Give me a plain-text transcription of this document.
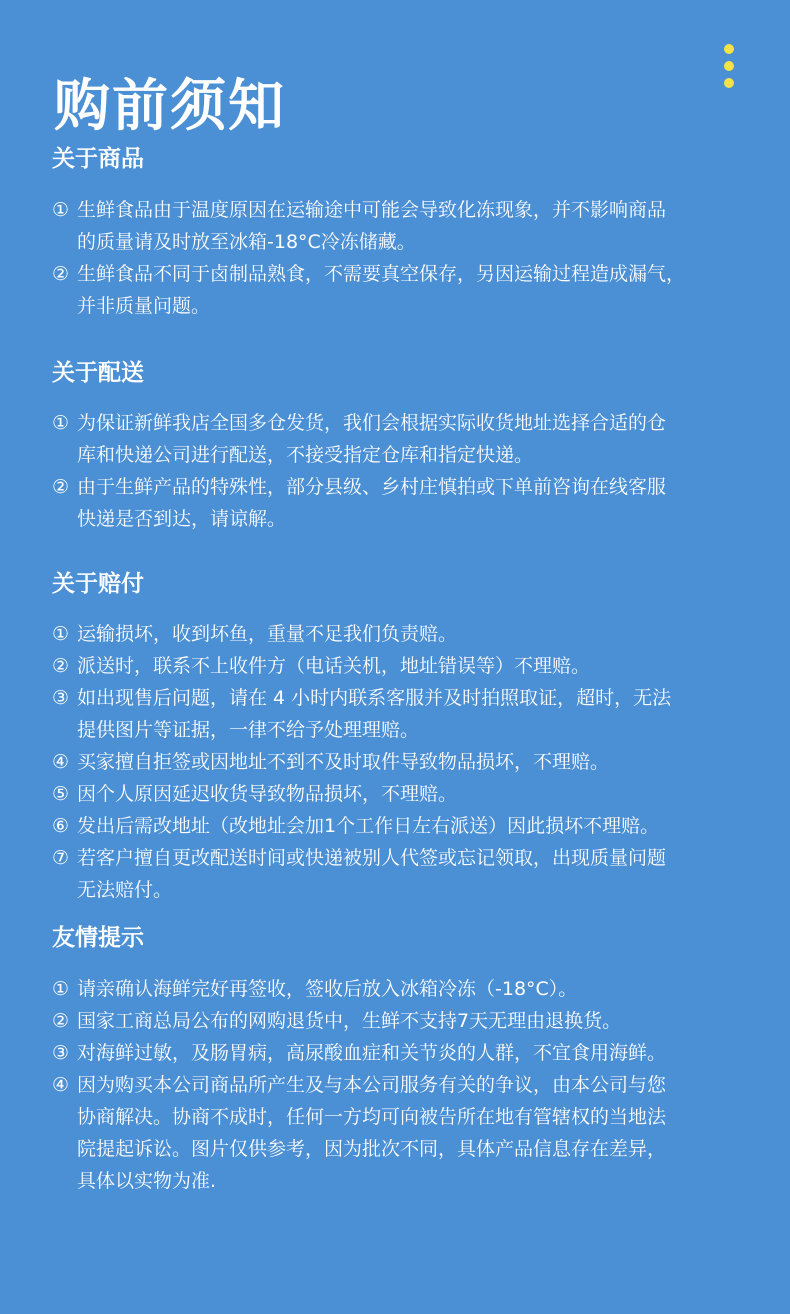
购前须知
关于商品
① 生鲜食品由于温度原因在运输途中可能会导致化冻现象，并不影响商品
的质量请及时放至冰箱-18°C冷冻储藏。
② 生鲜食品不同于卤制品熟食，不需要真空保存，另因运输过程造成漏气，
并非质量问题。
关于配送
① 为保证新鲜我店全国多仓发货，我们会根据实际收货地址选择合适的仓
库和快递公司进行配送，不接受指定仓库和指定快递。
② 由于生鲜产品的特殊性，部分县级、乡村庄慎拍或下单前咨询在线客服
快递是否到达，请谅解。
关于赔付
① 运输损坏，收到坏鱼，重量不足我们负责赔。
② 派送时，联系不上收件方（电话关机，地址错误等）不理赔。
③ 如出现售后问题，请在 4 小时内联系客服并及时拍照取证，超时，无法
提供图片等证据，一律不给予处理理赔。
④ 买家擅自拒签或因地址不到不及时取件导致物品损坏，不理赔。
⑤ 因个人原因延迟收货导致物品损坏，不理赔。
⑥ 发出后需改地址（改地址会加1个工作日左右派送）因此损坏不理赔。
⑦ 若客户擅自更改配送时间或快递被别人代签或忘记领取，出现质量问题
无法赔付。
友情提示
① 请亲确认海鲜完好再签收，签收后放入冰箱冷冻（-18°C）。
② 国家工商总局公布的网购退货中，生鲜不支持7天无理由退换货。
③ 对海鲜过敏，及肠胃病，高尿酸血症和关节炎的人群，不宜食用海鲜。
④ 因为购买本公司商品所产生及与本公司服务有关的争议，由本公司与您
协商解决。协商不成时，任何一方均可向被告所在地有管辖权的当地法
院提起诉讼。图片仅供参考，因为批次不同，具体产品信息存在差异，
具体以实物为准.
